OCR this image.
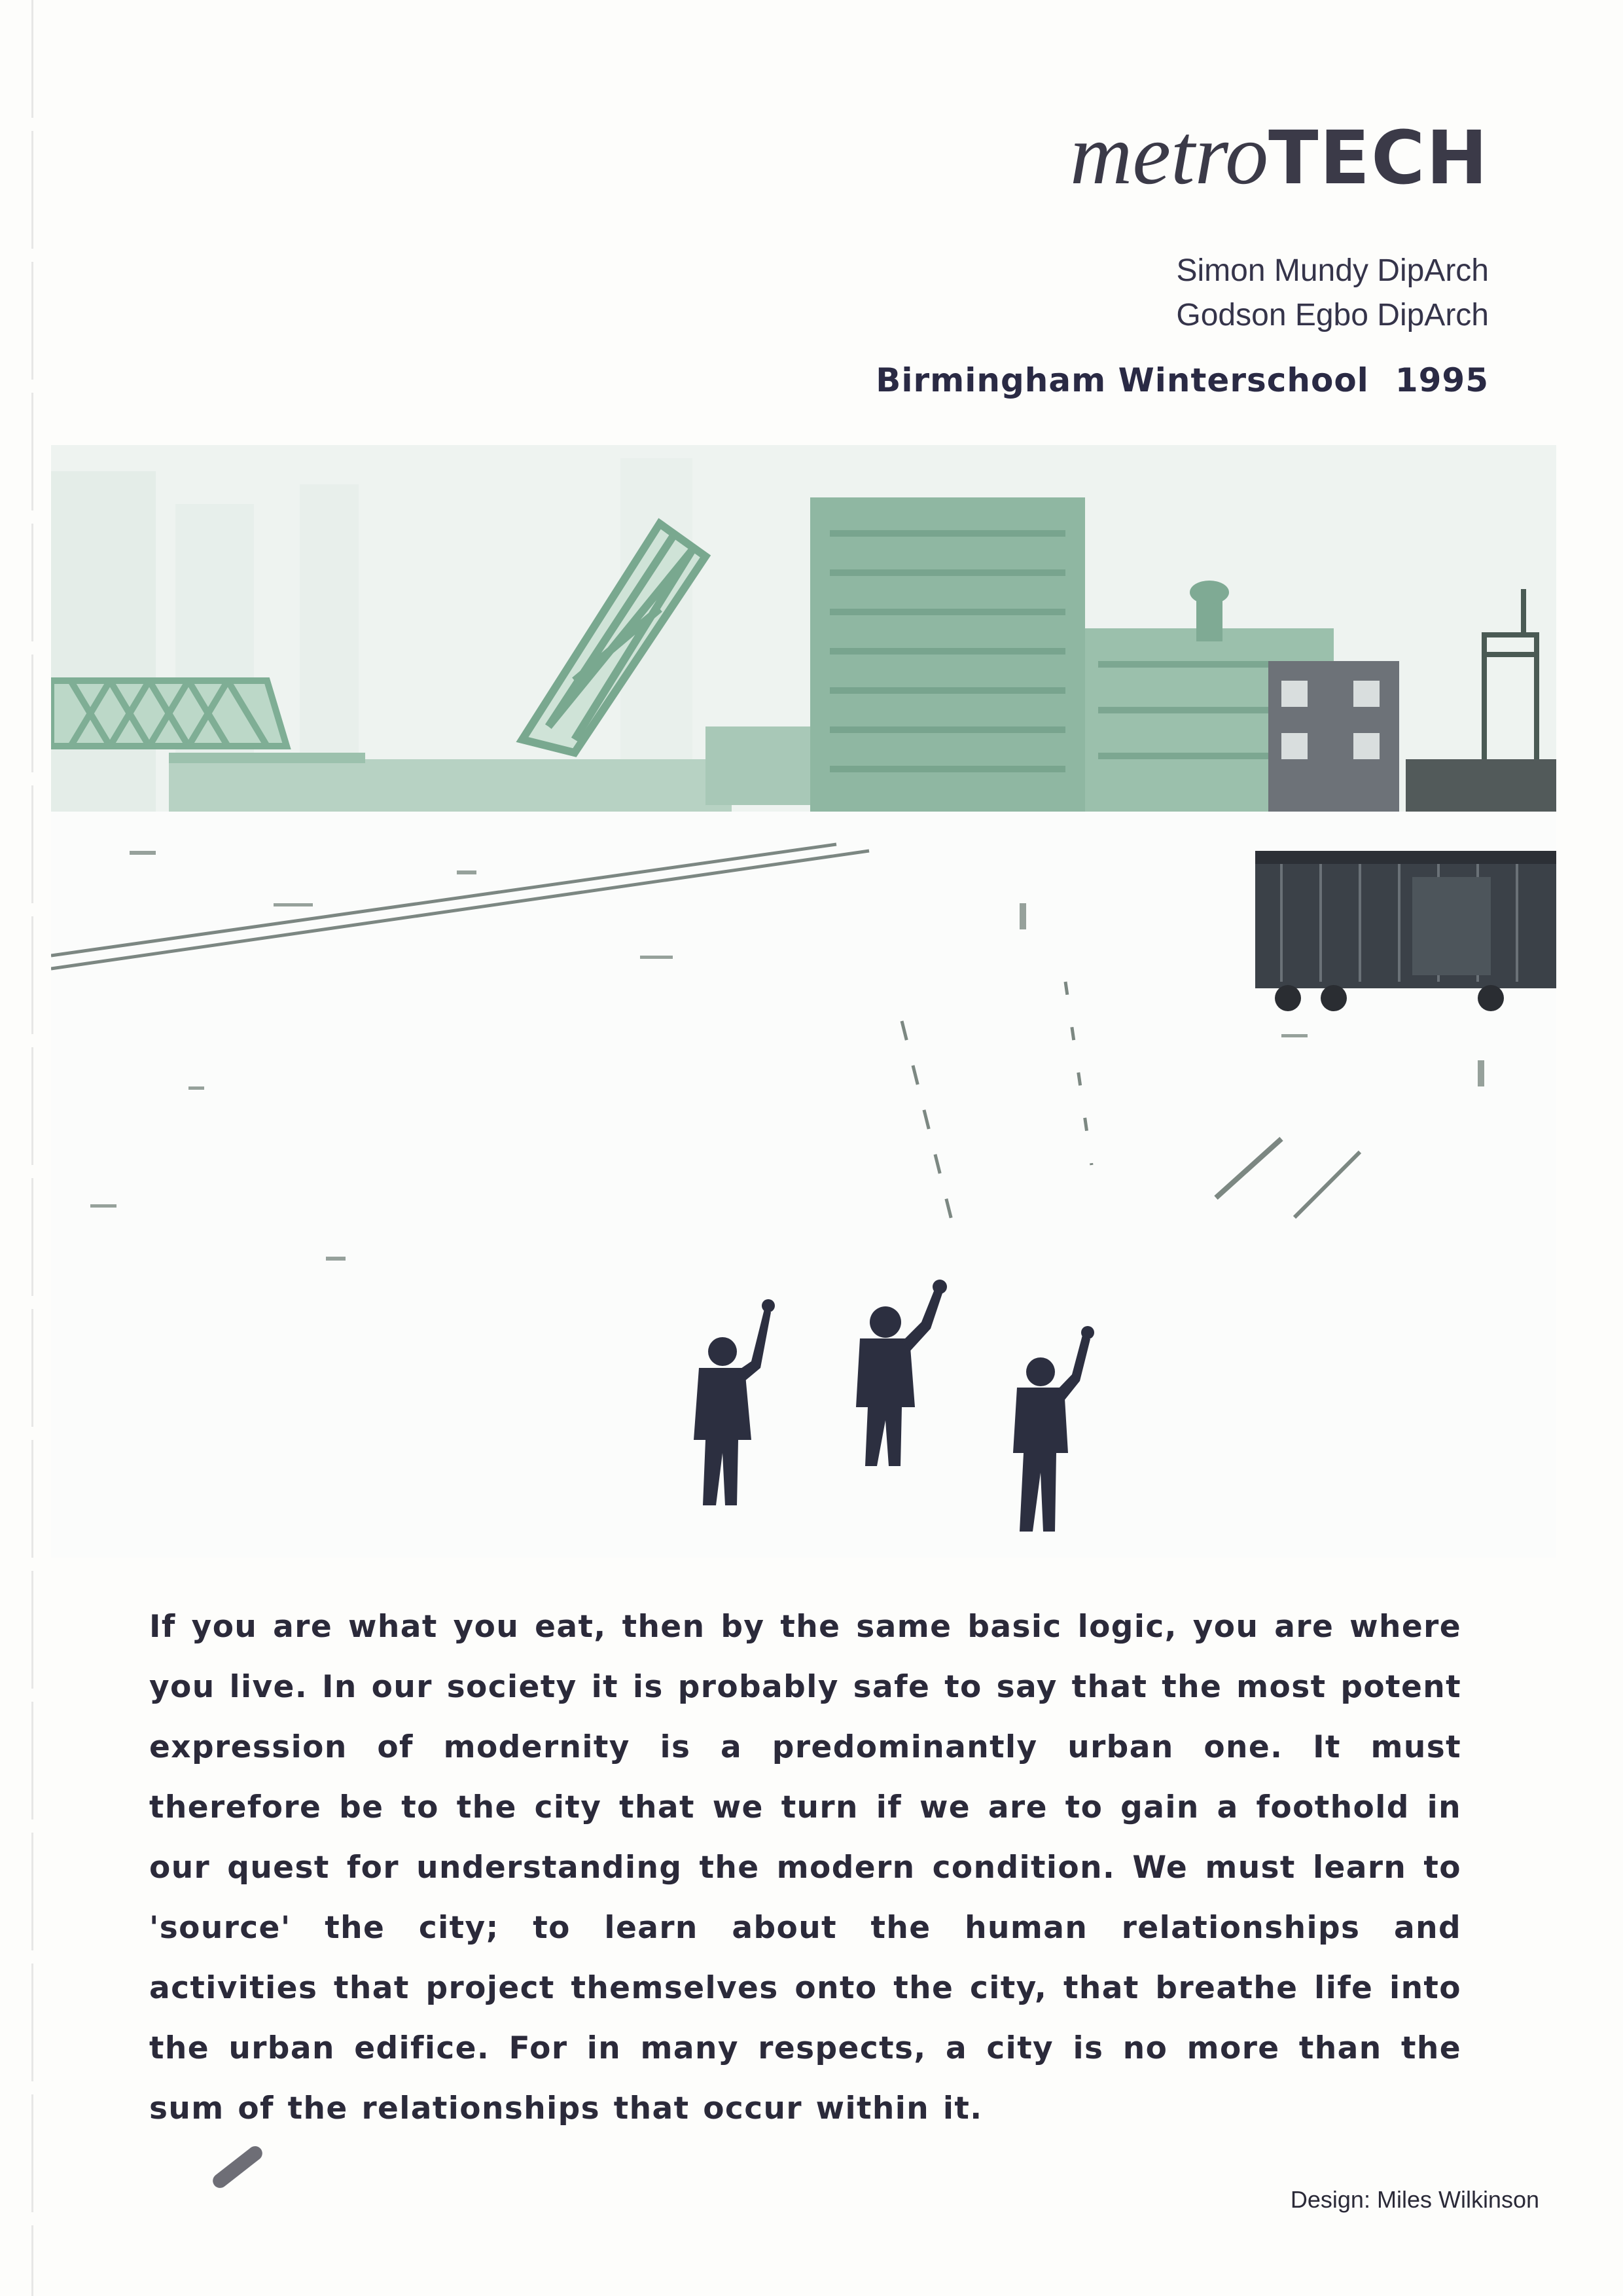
metroTECH
Simon Mundy DipArch
Godson Egbo DipArch
Birmingham Winterschool 1995
If you are what you eat, then by the same basic logic, you are where you live. In our society it is probably safe to say that the most potent expression of modernity is a predominantly urban one. It must therefore be to the city that we turn if we are to gain a foothold in our quest for understanding the modern condition. We must learn to 'source' the city; to learn about the human relationships and activities that project themselves onto the city, that breathe life into the urban edifice. For in many respects, a city is no more than the sum of the relationships that occur within it.
Design: Miles Wilkinson
